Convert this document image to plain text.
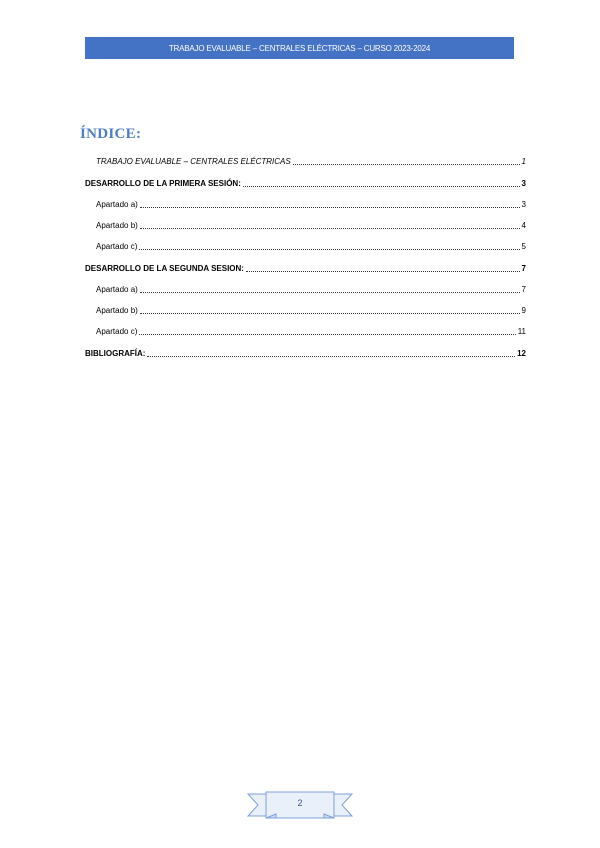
TRABAJO EVALUABLE – CENTRALES ELÉCTRICAS – CURSO 2023-2024
ÍNDICE:
TRABAJO EVALUABLE – CENTRALES ELÉCTRICAS	1
DESARROLLO DE LA PRIMERA SESIÓN:	3
Apartado a)	3
Apartado b)	4
Apartado c)	5
DESARROLLO DE LA SEGUNDA SESION:	7
Apartado a)	7
Apartado b)	9
Apartado c)	11
BIBLIOGRAFÍA:	12
2
